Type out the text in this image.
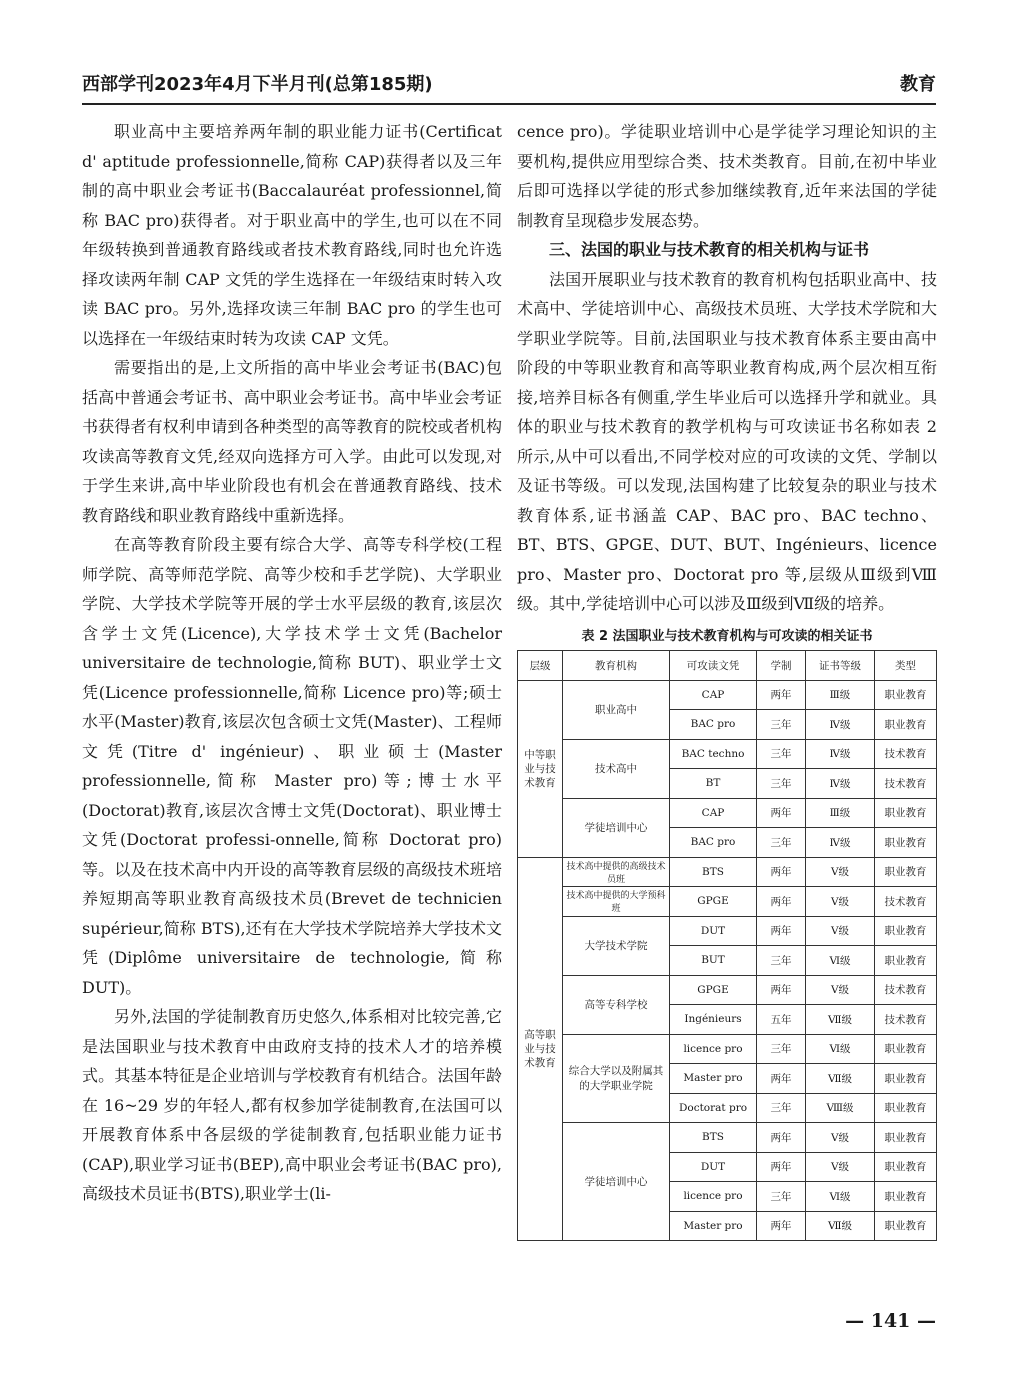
西部学刊2023年4月下半月刊(总第185期)	教育

职业高中主要培养两年制的职业能力证书(Certificat d' aptitude professionnelle,简称 CAP)获得者以及三年制的高中职业会考证书(Baccalauréat professionnel,简称 BAC pro)获得者。对于职业高中的学生,也可以在不同年级转换到普通教育路线或者技术教育路线,同时也允许选择攻读两年制 CAP 文凭的学生选择在一年级结束时转入攻读 BAC pro。另外,选择攻读三年制 BAC pro 的学生也可以选择在一年级结束时转为攻读 CAP 文凭。

需要指出的是,上文所指的高中毕业会考证书(BAC)包括高中普通会考证书、高中职业会考证书。高中毕业会考证书获得者有权利申请到各种类型的高等教育的院校或者机构攻读高等教育文凭,经双向选择方可入学。由此可以发现,对于学生来讲,高中毕业阶段也有机会在普通教育路线、技术教育路线和职业教育路线中重新选择。

在高等教育阶段主要有综合大学、高等专科学校(工程师学院、高等师范学院、高等少校和手艺学院)、大学职业学院、大学技术学院等开展的学士水平层级的教育,该层次含学士文凭(Licence),大学技术学士文凭(Bachelor universitaire de technologie,简称 BUT)、职业学士文凭(Licence professionnelle,简称 Licence pro)等;硕士水平(Master)教育,该层次包含硕士文凭(Master)、工程师文凭(Titre d' ingénieur)、职业硕士(Master professionnelle,简称 Master pro)等;博士水平(Doctorat)教育,该层次含博士文凭(Doctorat)、职业博士文凭(Doctorat professi-onnelle,简称 Doctorat pro)等。以及在技术高中内开设的高等教育层级的高级技术班培养短期高等职业教育高级技术员(Brevet de technicien supérieur,简称 BTS),还有在大学技术学院培养大学技术文凭(Diplôme universitaire de technologie,简称 DUT)。

另外,法国的学徒制教育历史悠久,体系相对比较完善,它是法国职业与技术教育中由政府支持的技术人才的培养模式。其基本特征是企业培训与学校教育有机结合。法国年龄在 16~29 岁的年轻人,都有权参加学徒制教育,在法国可以开展教育体系中各层级的学徒制教育,包括职业能力证书(CAP),职业学习证书(BEP),高中职业会考证书(BAC pro),高级技术员证书(BTS),职业学士(li-

cence pro)。学徒职业培训中心是学徒学习理论知识的主要机构,提供应用型综合类、技术类教育。目前,在初中毕业后即可选择以学徒的形式参加继续教育,近年来法国的学徒制教育呈现稳步发展态势。

三、法国的职业与技术教育的相关机构与证书

法国开展职业与技术教育的教育机构包括职业高中、技术高中、学徒培训中心、高级技术员班、大学技术学院和大学职业学院等。目前,法国职业与技术教育体系主要由高中阶段的中等职业教育和高等职业教育构成,两个层次相互衔接,培养目标各有侧重,学生毕业后可以选择升学和就业。具体的职业与技术教育的教学机构与可攻读证书名称如表 2 所示,从中可以看出,不同学校对应的可攻读的文凭、学制以及证书等级。可以发现,法国构建了比较复杂的职业与技术教育体系,证书涵盖 CAP、BAC pro、BAC techno、BT、BTS、GPGE、DUT、BUT、Ingénieurs、licence pro、Master pro、Doctorat pro 等,层级从Ⅲ级到Ⅷ级。其中,学徒培训中心可以涉及Ⅲ级到Ⅶ级的培养。

表 2 法国职业与技术教育机构与可攻读的相关证书
层级	教育机构	可攻读文凭	学制	证书等级	类型
中等职业与技术教育	职业高中	CAP	两年	Ⅲ级	职业教育
		BAC pro	三年	Ⅳ级	职业教育
	技术高中	BAC techno	三年	Ⅳ级	技术教育
		BT	三年	Ⅳ级	技术教育
	学徒培训中心	CAP	两年	Ⅲ级	职业教育
		BAC pro	三年	Ⅳ级	职业教育
高等职业与技术教育	技术高中提供的高级技术员班	BTS	两年	Ⅴ级	职业教育
	技术高中提供的大学预科班	GPGE	两年	Ⅴ级	技术教育
	大学技术学院	DUT	两年	Ⅴ级	职业教育
		BUT	三年	Ⅵ级	职业教育
	高等专科学校	GPGE	两年	Ⅴ级	技术教育
		Ingénieurs	五年	Ⅶ级	技术教育
	综合大学以及附属其的大学职业学院	licence pro	三年	Ⅵ级	职业教育
		Master pro	两年	Ⅶ级	职业教育
		Doctorat pro	三年	Ⅷ级	职业教育
	学徒培训中心	BTS	两年	Ⅴ级	职业教育
		DUT	两年	Ⅴ级	职业教育
		licence pro	三年	Ⅵ级	职业教育
		Master pro	两年	Ⅶ级	职业教育
— 141 —
